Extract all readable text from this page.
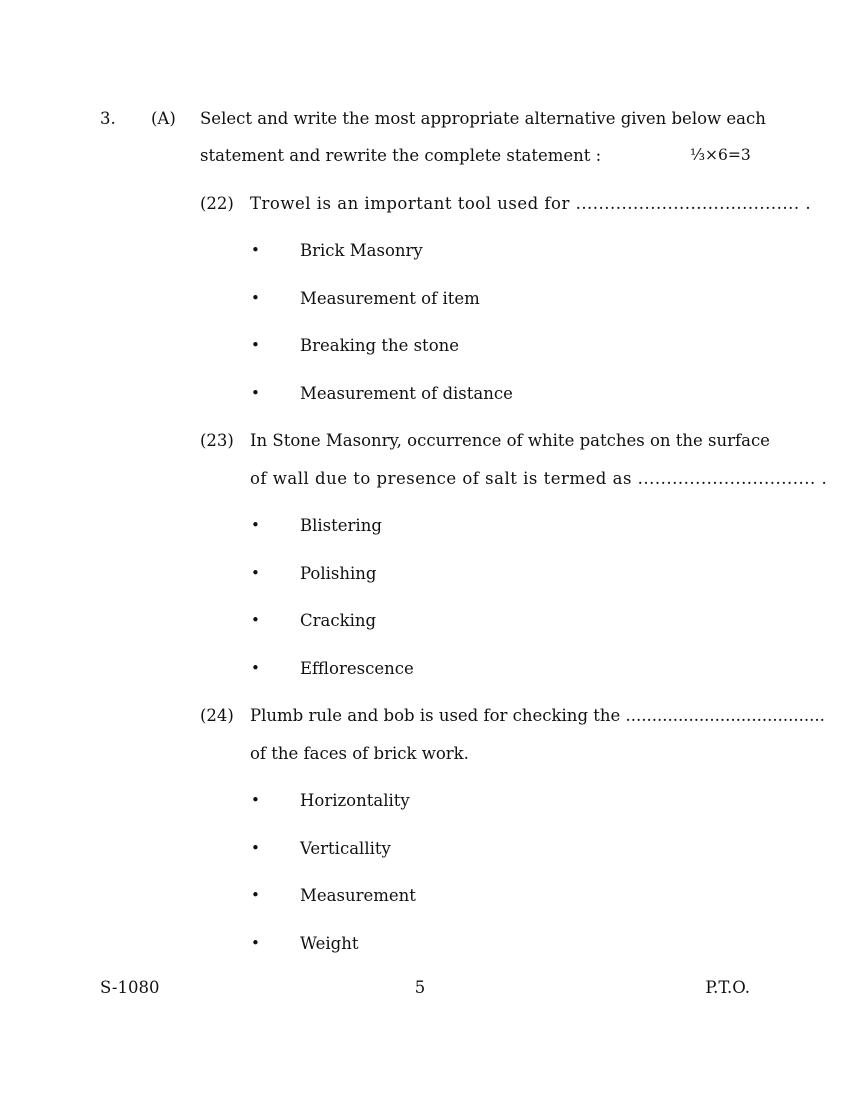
3. (A) Select and write the most appropriate alternative given below each
statement and rewrite the complete statement :	⅓×6=3
(22) Trowel is an important tool used for ....................................... .
• Brick Masonry
• Measurement of item
• Breaking the stone
• Measurement of distance
(23) In Stone Masonry, occurrence of white patches on the surface
of wall due to presence of salt is termed as ............................... .
• Blistering
• Polishing
• Cracking
• Efflorescence
(24) Plumb rule and bob is used for checking the ......................................
of the faces of brick work.
• Horizontality
• Verticallity
• Measurement
• Weight
S-1080	5	P.T.O.
